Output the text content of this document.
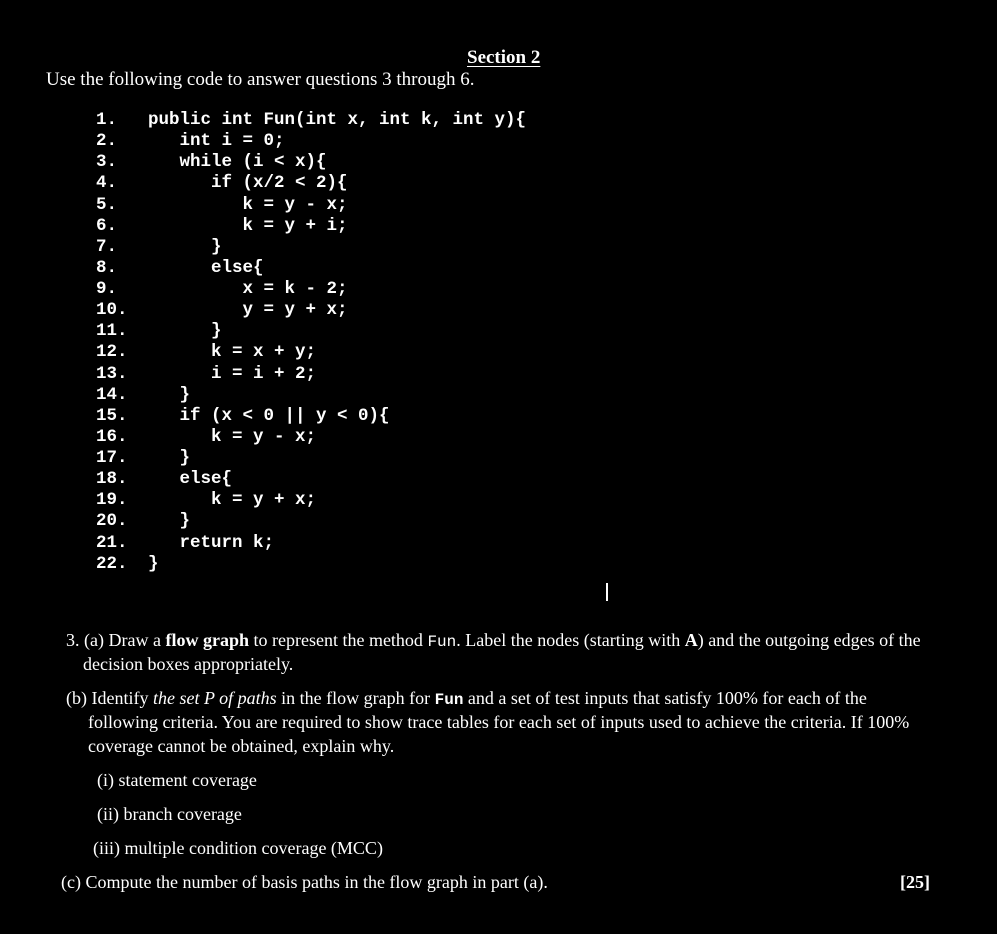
Section 2
Use the following code to answer questions 3 through 6.
1.	public int Fun(int x, int k, int y){
2.	int i = 0;
3.	while (i < x){
4.	if (x/2 < 2){
5.	k = y - x;
6.	k = y + i;
7.	}
8.	else{
9.	x = k - 2;
10.	y = y + x;
11.	}
12.	k = x + y;
13.	i = i + 2;
14.	}
15.	if (x < 0 || y < 0){
16.	k = y - x;
17.	}
18.	else{
19.	k = y + x;
20.	}
21.	return k;
22.	}
3. (a) Draw a flow graph to represent the method Fun. Label the nodes (starting with A) and the outgoing edges of the
decision boxes appropriately.
(b) Identify the set P of paths in the flow graph for Fun and a set of test inputs that satisfy 100% for each of the
following criteria. You are required to show trace tables for each set of inputs used to achieve the criteria. If 100%
coverage cannot be obtained, explain why.
(i) statement coverage
(ii) branch coverage
(iii) multiple condition coverage (MCC)
(c) Compute the number of basis paths in the flow graph in part (a).	[25]
